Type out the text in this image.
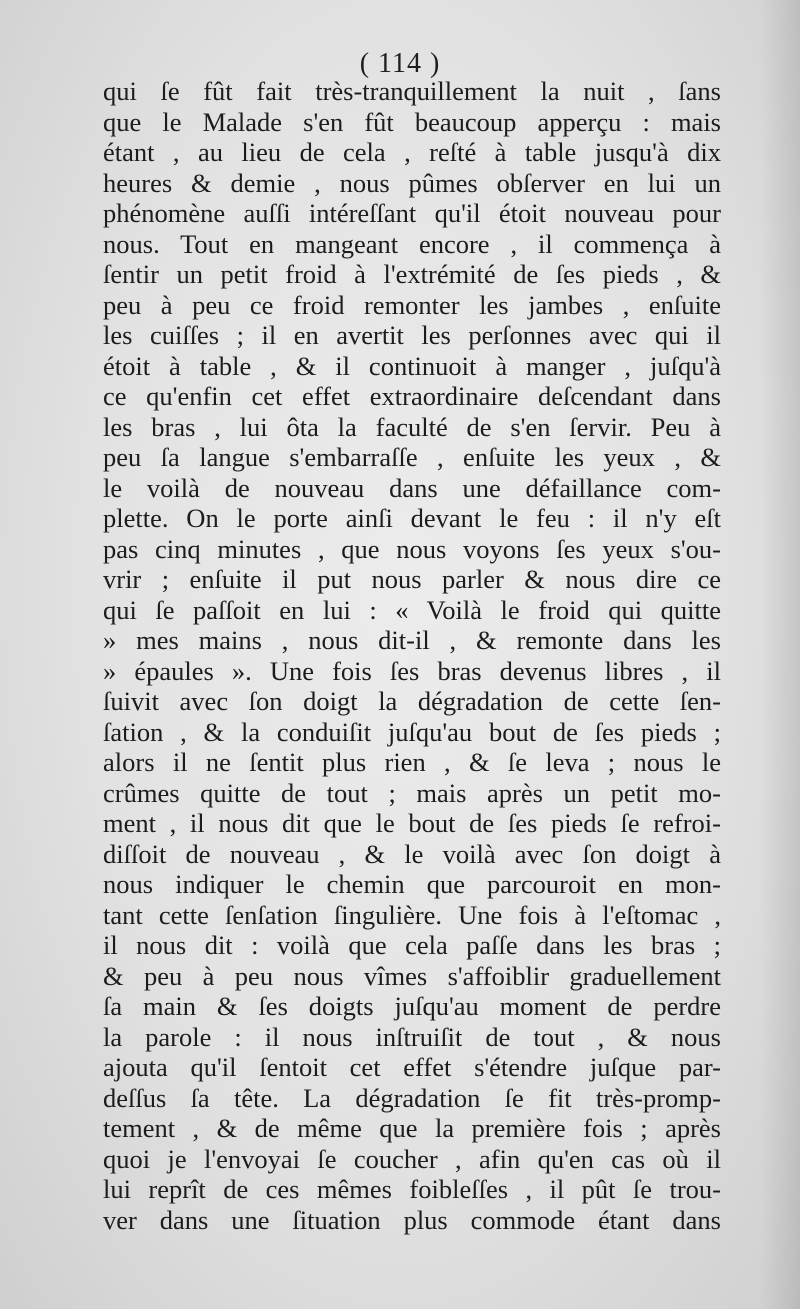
( 114 )
qui ſe fût fait très-tranquillement la nuit , ſans
que le Malade s'en fût beaucoup apperçu : mais
étant , au lieu de cela , reſté à table jusqu'à dix
heures & demie , nous pûmes obſerver en lui un
phénomène auſſi intéreſſant qu'il étoit nouveau pour
nous. Tout en mangeant encore , il commença à
ſentir un petit froid à l'extrémité de ſes pieds , &
peu à peu ce froid remonter les jambes , enſuite
les cuiſſes ; il en avertit les perſonnes avec qui il
étoit à table , & il continuoit à manger , juſqu'à
ce qu'enfin cet effet extraordinaire deſcendant dans
les bras , lui ôta la faculté de s'en ſervir. Peu à
peu ſa langue s'embarraſſe , enſuite les yeux , &
le voilà de nouveau dans une défaillance com-
plette. On le porte ainſi devant le feu : il n'y eſt
pas cinq minutes , que nous voyons ſes yeux s'ou-
vrir ; enſuite il put nous parler & nous dire ce
qui ſe paſſoit en lui : « Voilà le froid qui quitte
» mes mains , nous dit-il , & remonte dans les
» épaules ». Une fois ſes bras devenus libres , il
ſuivit avec ſon doigt la dégradation de cette ſen-
ſation , & la conduiſit juſqu'au bout de ſes pieds ;
alors il ne ſentit plus rien , & ſe leva ; nous le
crûmes quitte de tout ; mais après un petit mo-
ment , il nous dit que le bout de ſes pieds ſe refroi-
diſſoit de nouveau , & le voilà avec ſon doigt à
nous indiquer le chemin que parcouroit en mon-
tant cette ſenſation ſingulière. Une fois à l'eſtomac ,
il nous dit : voilà que cela paſſe dans les bras ;
& peu à peu nous vîmes s'affoiblir graduellement
ſa main & ſes doigts juſqu'au moment de perdre
la parole : il nous inſtruiſit de tout , & nous
ajouta qu'il ſentoit cet effet s'étendre juſque par-
deſſus ſa tête. La dégradation ſe fit très-promp-
tement , & de même que la première fois ; après
quoi je l'envoyai ſe coucher , afin qu'en cas où il
lui reprît de ces mêmes foibleſſes , il pût ſe trou-
ver dans une ſituation plus commode étant dans
